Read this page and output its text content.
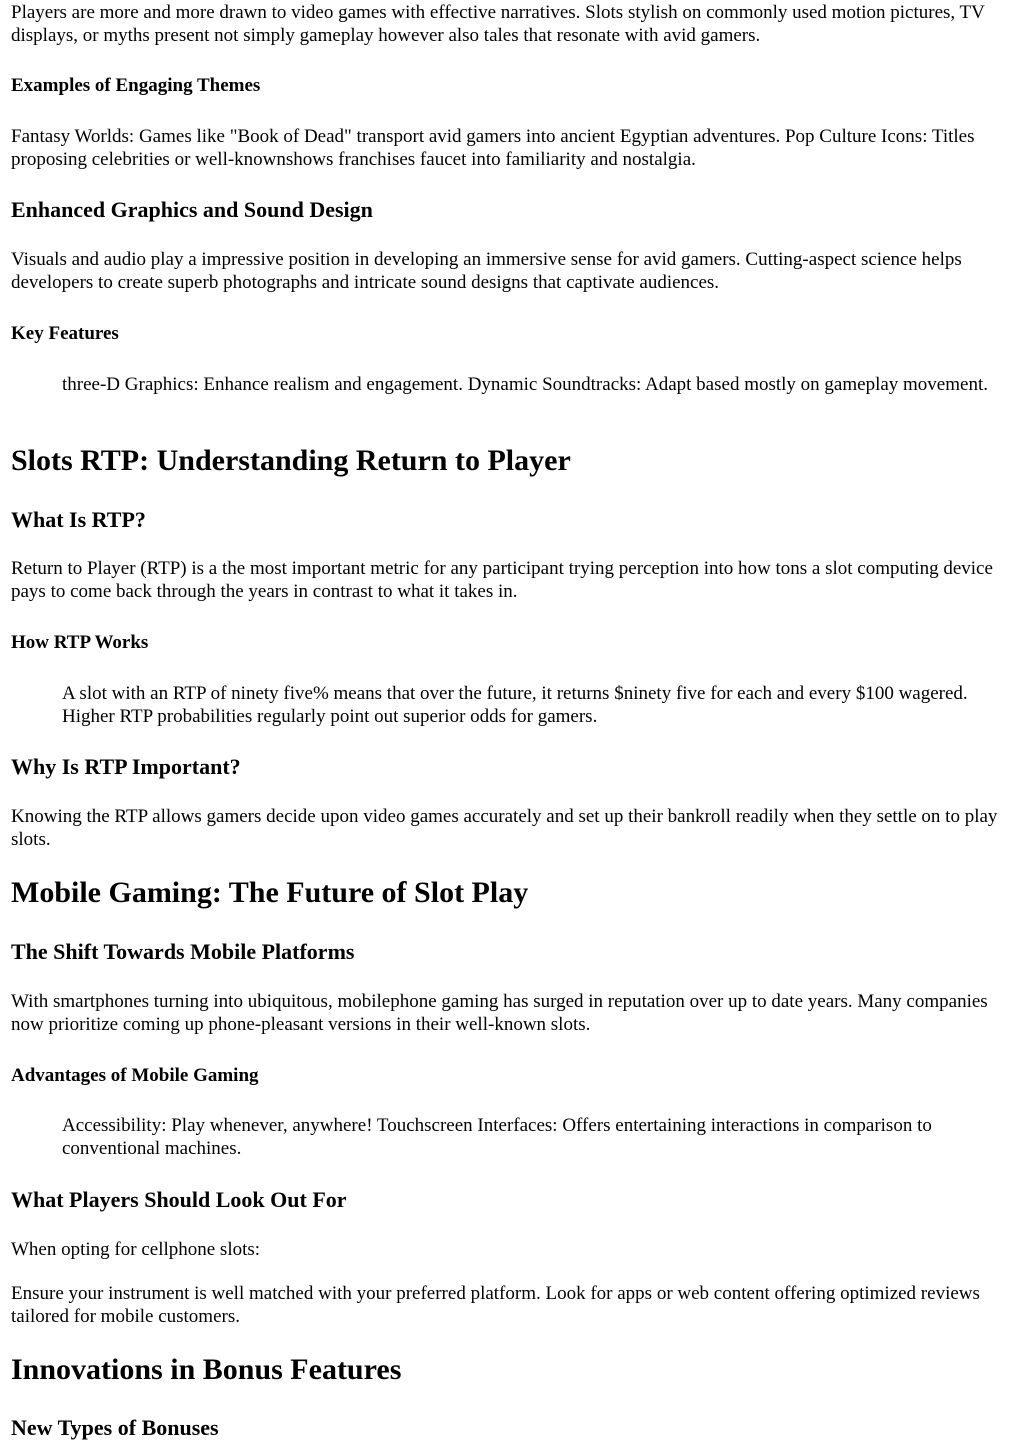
Players are more and more drawn to video games with effective narratives. Slots stylish on commonly used motion pictures, TV displays, or myths present not simply gameplay however also tales that resonate with avid gamers.

Examples of Engaging Themes

Fantasy Worlds: Games like "Book of Dead" transport avid gamers into ancient Egyptian adventures. Pop Culture Icons: Titles proposing celebrities or well-knownshows franchises faucet into familiarity and nostalgia.

Enhanced Graphics and Sound Design

Visuals and audio play a impressive position in developing an immersive sense for avid gamers. Cutting-aspect science helps developers to create superb photographs and intricate sound designs that captivate audiences.

Key Features

three-D Graphics: Enhance realism and engagement. Dynamic Soundtracks: Adapt based mostly on gameplay movement.

Slots RTP: Understanding Return to Player
What Is RTP?

Return to Player (RTP) is a the most important metric for any participant trying perception into how tons a slot computing device pays to come back through the years in contrast to what it takes in.

How RTP Works

A slot with an RTP of ninety five% means that over the future, it returns $ninety five for each and every $100 wagered. Higher RTP probabilities regularly point out superior odds for gamers.

Why Is RTP Important?

Knowing the RTP allows gamers decide upon video games accurately and set up their bankroll readily when they settle on to play slots.

Mobile Gaming: The Future of Slot Play
The Shift Towards Mobile Platforms

With smartphones turning into ubiquitous, mobilephone gaming has surged in reputation over up to date years. Many companies now prioritize coming up phone-pleasant versions in their well-known slots.

Advantages of Mobile Gaming

Accessibility: Play whenever, anywhere! Touchscreen Interfaces: Offers entertaining interactions in comparison to conventional machines.

What Players Should Look Out For

When opting for cellphone slots:

Ensure your instrument is well matched with your preferred platform. Look for apps or web content offering optimized reviews tailored for mobile customers.

Innovations in Bonus Features
New Types of Bonuses
